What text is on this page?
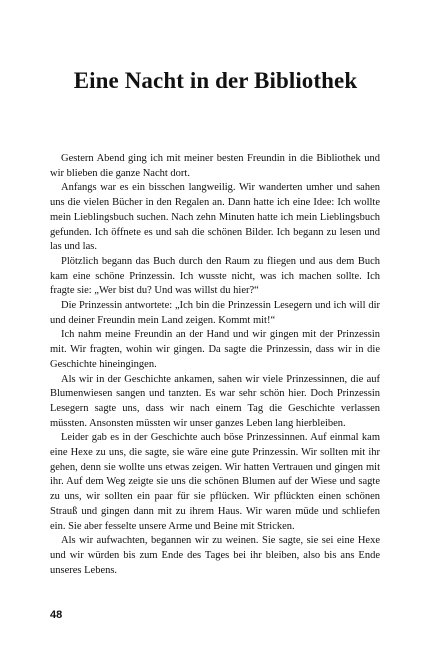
Eine Nacht in der Bibliothek

Gestern Abend ging ich mit meiner besten Freundin in die Bibliothek und wir blieben die ganze Nacht dort.

Anfangs war es ein bisschen langweilig. Wir wanderten umher und sahen uns die vielen Bücher in den Regalen an. Dann hatte ich eine Idee: Ich wollte mein Lieblingsbuch suchen. Nach zehn Minuten hatte ich mein Lieblingsbuch gefunden. Ich öffnete es und sah die schönen Bilder. Ich begann zu lesen und las und las.

Plötzlich begann das Buch durch den Raum zu fliegen und aus dem Buch kam eine schöne Prinzessin. Ich wusste nicht, was ich machen sollte. Ich fragte sie: „Wer bist du? Und was willst du hier?“

Die Prinzessin antwortete: „Ich bin die Prinzessin Lesegern und ich will dir und deiner Freundin mein Land zeigen. Kommt mit!“

Ich nahm meine Freundin an der Hand und wir gingen mit der Prinzessin mit. Wir fragten, wohin wir gingen. Da sagte die Prinzessin, dass wir in die Geschichte hineingingen.

Als wir in der Geschichte ankamen, sahen wir viele Prinzessinnen, die auf Blumenwiesen sangen und tanzten. Es war sehr schön hier. Doch Prinzessin Lesegern sagte uns, dass wir nach einem Tag die Geschichte verlassen müssten. Ansonsten müssten wir unser ganzes Leben lang hierbleiben.

Leider gab es in der Geschichte auch böse Prinzessinnen. Auf einmal kam eine Hexe zu uns, die sagte, sie wäre eine gute Prinzessin. Wir sollten mit ihr gehen, denn sie wollte uns etwas zeigen. Wir hatten Vertrauen und gingen mit ihr. Auf dem Weg zeigte sie uns die schönen Blumen auf der Wiese und sagte zu uns, wir sollten ein paar für sie pflücken. Wir pflückten einen schönen Strauß und gingen dann mit zu ihrem Haus. Wir waren müde und schliefen ein. Sie aber fesselte unsere Arme und Beine mit Stricken.

Als wir aufwachten, begannen wir zu weinen. Sie sagte, sie sei eine Hexe und wir würden bis zum Ende des Tages bei ihr bleiben, also bis ans Ende unseres Lebens.

48
